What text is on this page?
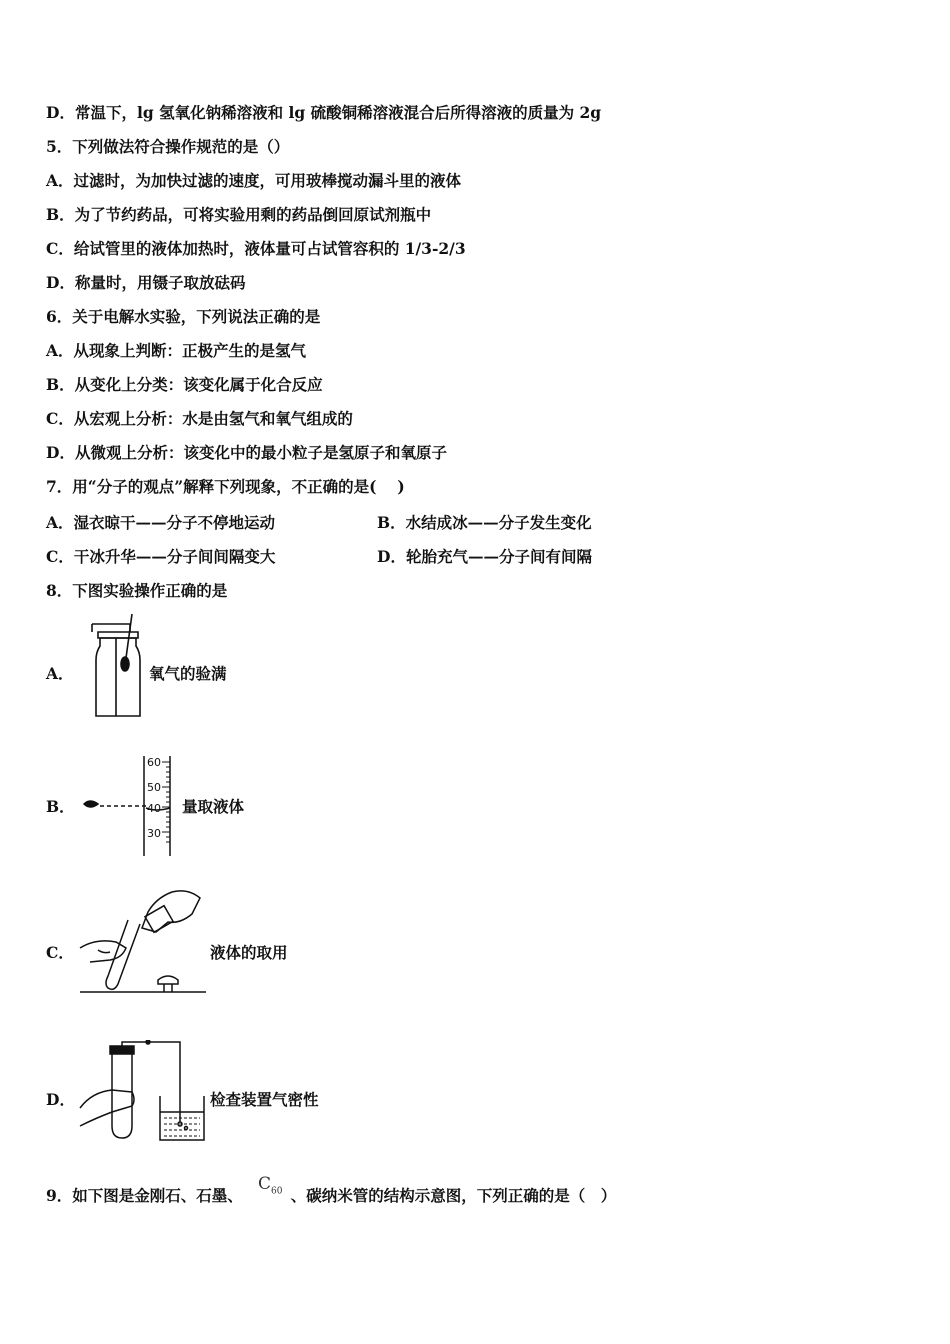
D．常温下，lg 氢氧化钠稀溶液和 lg 硫酸铜稀溶液混合后所得溶液的质量为 2g
5．下列做法符合操作规范的是（）
A．过滤时，为加快过滤的速度，可用玻棒搅动漏斗里的液体
B．为了节约药品，可将实验用剩的药品倒回原试剂瓶中
C．给试管里的液体加热时，液体量可占试管容积的 1/3-2/3
D．称量时，用镊子取放砝码
6．关于电解水实验，下列说法正确的是
A．从现象上判断：正极产生的是氢气
B．从变化上分类：该变化属于化合反应
C．从宏观上分析：水是由氢气和氧气组成的
D．从微观上分析：该变化中的最小粒子是氢原子和氧原子
7．用“分子的观点”解释下列现象，不正确的是(　 )
A．湿衣晾干——分子不停地运动	B．水结成冰——分子发生变化
C．干冰升华——分子间间隔变大	D．轮胎充气——分子间有间隔
8．下图实验操作正确的是
A．	氧气的验满
B．
60
50
40
30
量取液体
C．	液体的取用
D．	检查装置气密性
9．如下图是金刚石、石墨、	、碳纳米管的结构示意图，下列正确的是（　）
$C_{60}$
